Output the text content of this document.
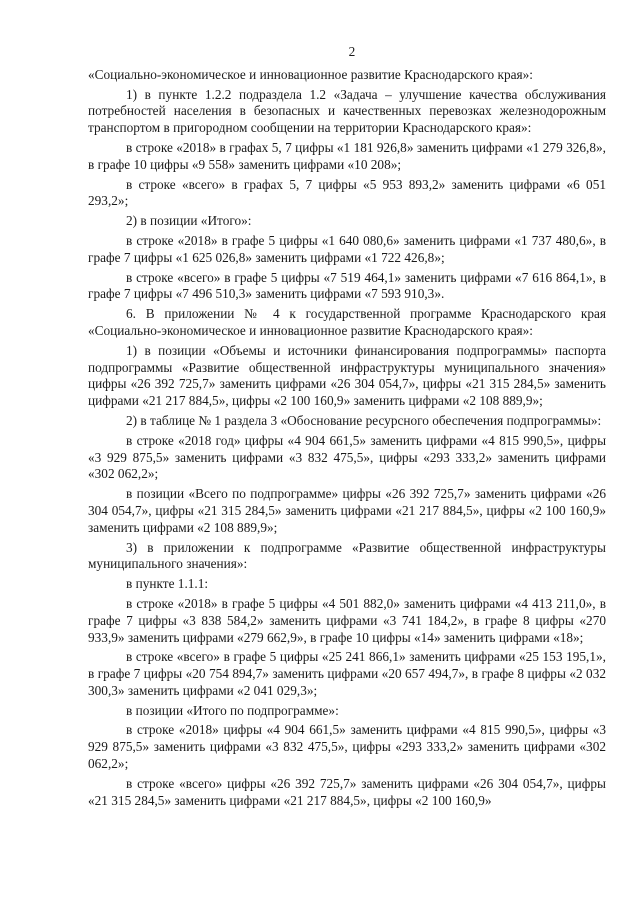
2

«Социально-экономическое и инновационное развитие Краснодарского края»:

1) в пункте 1.2.2 подраздела 1.2 «Задача – улучшение качества обслуживания потребностей населения в безопасных и качественных перевозках железнодорожным транспортом в пригородном сообщении на территории Краснодарского края»:

в строке «2018» в графах 5, 7 цифры «1 181 926,8» заменить цифрами «1 279 326,8», в графе 10 цифры «9 558» заменить цифрами «10 208»;

в строке «всего» в графах 5, 7 цифры «5 953 893,2» заменить цифрами «6 051 293,2»;

2) в позиции «Итого»:

в строке «2018» в графе 5 цифры «1 640 080,6» заменить цифрами «1 737 480,6», в графе 7 цифры «1 625 026,8» заменить цифрами «1 722 426,8»;

в строке «всего» в графе 5 цифры «7 519 464,1» заменить цифрами «7 616 864,1», в графе 7 цифры «7 496 510,3» заменить цифрами «7 593 910,3».

6. В приложении № 4 к государственной программе Краснодарского края «Социально-экономическое и инновационное развитие Краснодарского края»:

1) в позиции «Объемы и источники финансирования подпрограммы» паспорта подпрограммы «Развитие общественной инфраструктуры муниципального значения» цифры «26 392 725,7» заменить цифрами «26 304 054,7», цифры «21 315 284,5» заменить цифрами «21 217 884,5», цифры «2 100 160,9» заменить цифрами «2 108 889,9»;

2) в таблице № 1 раздела 3 «Обоснование ресурсного обеспечения подпрограммы»:

в строке «2018 год» цифры «4 904 661,5» заменить цифрами «4 815 990,5», цифры «3 929 875,5» заменить цифрами «3 832 475,5», цифры «293 333,2» заменить цифрами «302 062,2»;

в позиции «Всего по подпрограмме» цифры «26 392 725,7» заменить цифрами «26 304 054,7», цифры «21 315 284,5» заменить цифрами «21 217 884,5», цифры «2 100 160,9» заменить цифрами «2 108 889,9»;

3) в приложении к подпрограмме «Развитие общественной инфраструктуры муниципального значения»:

в пункте 1.1.1:

в строке «2018» в графе 5 цифры «4 501 882,0» заменить цифрами «4 413 211,0», в графе 7 цифры «3 838 584,2» заменить цифрами «3 741 184,2», в графе 8 цифры «270 933,9» заменить цифрами «279 662,9», в графе 10 цифры «14» заменить цифрами «18»;

в строке «всего» в графе 5 цифры «25 241 866,1» заменить цифрами «25 153 195,1», в графе 7 цифры «20 754 894,7» заменить цифрами «20 657 494,7», в графе 8 цифры «2 032 300,3» заменить цифрами «2 041 029,3»;

в позиции «Итого по подпрограмме»:

в строке «2018» цифры «4 904 661,5» заменить цифрами «4 815 990,5», цифры «3 929 875,5» заменить цифрами «3 832 475,5», цифры «293 333,2» заменить цифрами «302 062,2»;

в строке «всего» цифры «26 392 725,7» заменить цифрами «26 304 054,7», цифры «21 315 284,5» заменить цифрами «21 217 884,5», цифры «2 100 160,9»
